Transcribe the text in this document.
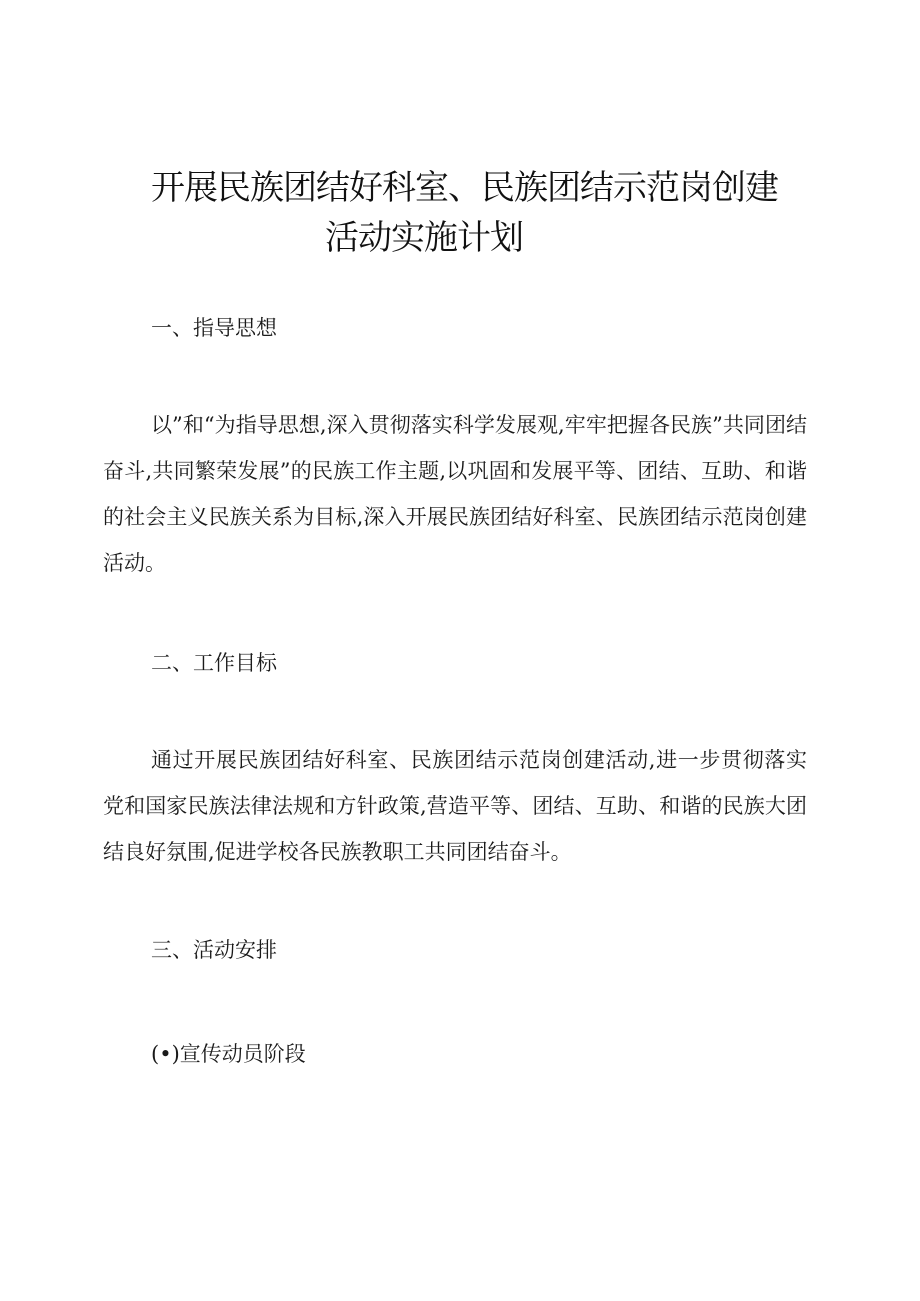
开展民族团结好科室、民族团结示范岗创建
活动实施计划
一、指导思想

以”和“为指导思想,深入贯彻落实科学发展观,牢牢把握各民族”共同团结奋斗,共同繁荣发展”的民族工作主题,以巩固和发展平等、团结、互助、和谐的社会主义民族关系为目标,深入开展民族团结好科室、民族团结示范岗创建活动。

二、工作目标

通过开展民族团结好科室、民族团结示范岗创建活动,进一步贯彻落实党和国家民族法律法规和方针政策,营造平等、团结、互助、和谐的民族大团结良好氛围,促进学校各民族教职工共同团结奋斗。

三、活动安排
(•)宣传动员阶段
